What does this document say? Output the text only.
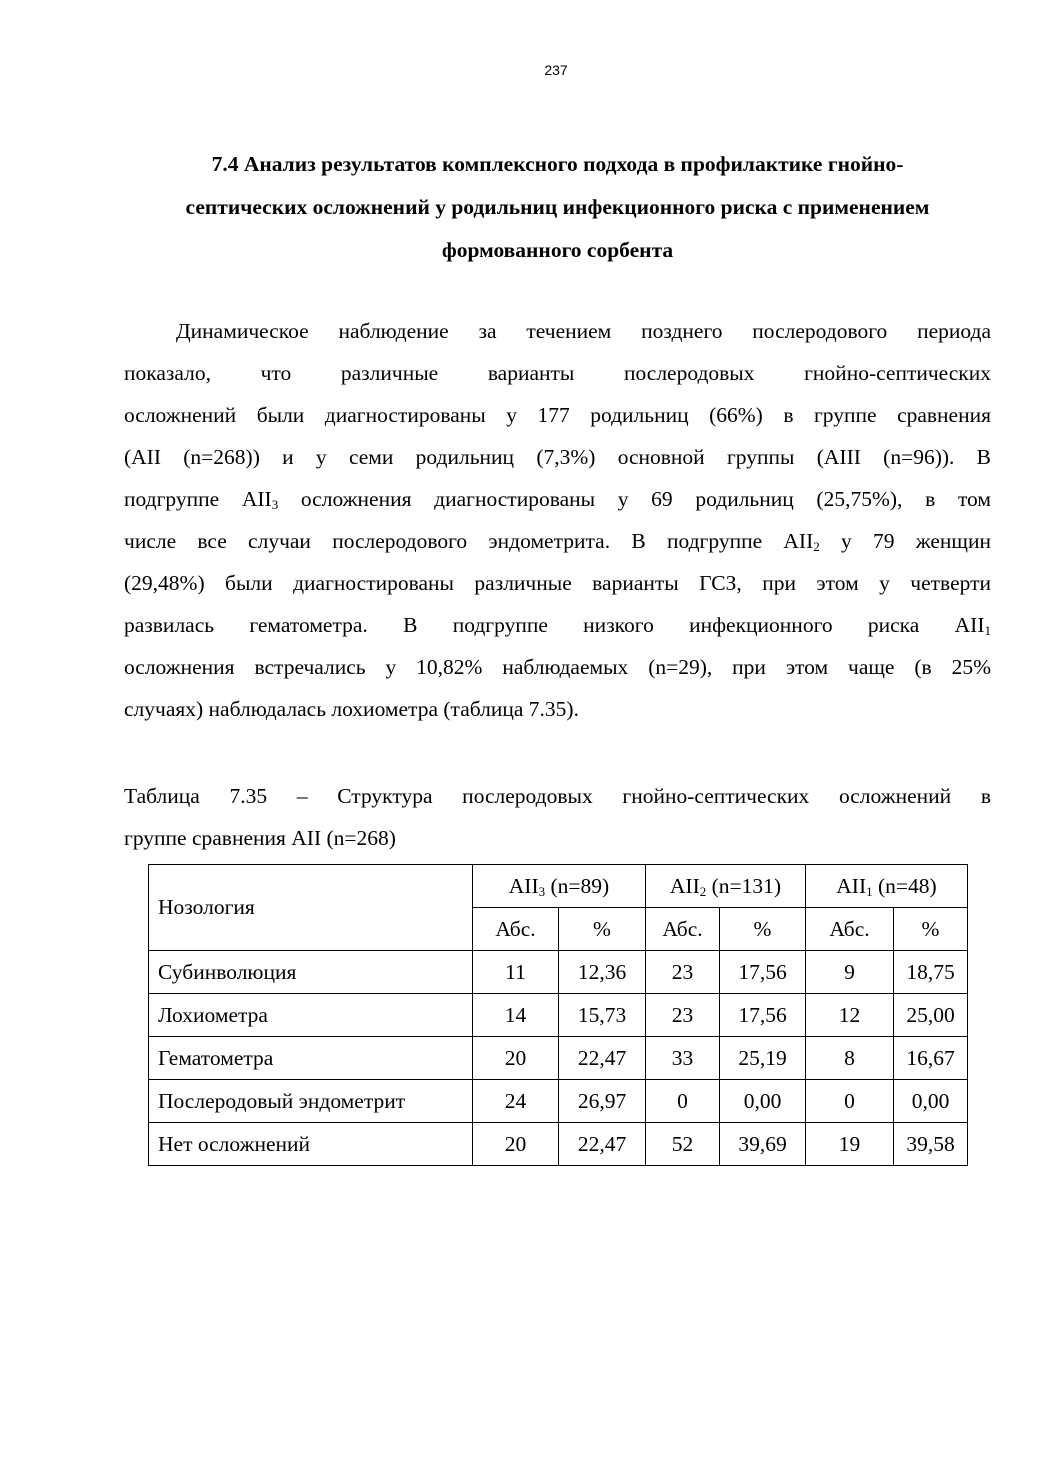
237
7.4 Анализ результатов комплексного подхода в профилактике гнойно-
септических осложнений у родильниц инфекционного риска с применением
формованного сорбента
Динамическое наблюдение за течением позднего послеродового периода
показало, что различные варианты послеродовых гнойно-септических
осложнений были диагностированы у 177 родильниц (66%) в группе сравнения
(AII (n=268)) и у семи родильниц (7,3%) основной группы (AIII (n=96)). В
подгруппе $AII_3$ осложнения диагностированы у 69 родильниц (25,75%), в том
числе все случаи послеродового эндометрита. В подгруппе $AII_2$ у 79 женщин
(29,48%) были диагностированы различные варианты ГСЗ, при этом у четверти
развилась гематометра. В подгруппе низкого инфекционного риска $AII_1$
осложнения встречались у 10,82% наблюдаемых (n=29), при этом чаще (в 25%
случаях) наблюдалась лохиометра (таблица 7.35).
Таблица 7.35 – Структура послеродовых гнойно-септических осложнений в
группе сравнения AII (n=268)
Нозология	$AII_3$ (n=89)		$AII_2$ (n=131)		$AII_1$ (n=48)	
	Абс.	%	Абс.	%	Абс.	%
Субинволюция	11	12,36	23	17,56	9	18,75
Лохиометра	14	15,73	23	17,56	12	25,00
Гематометра	20	22,47	33	25,19	8	16,67
Послеродовый эндометрит	24	26,97	0	0,00	0	0,00
Нет осложнений	20	22,47	52	39,69	19	39,58
